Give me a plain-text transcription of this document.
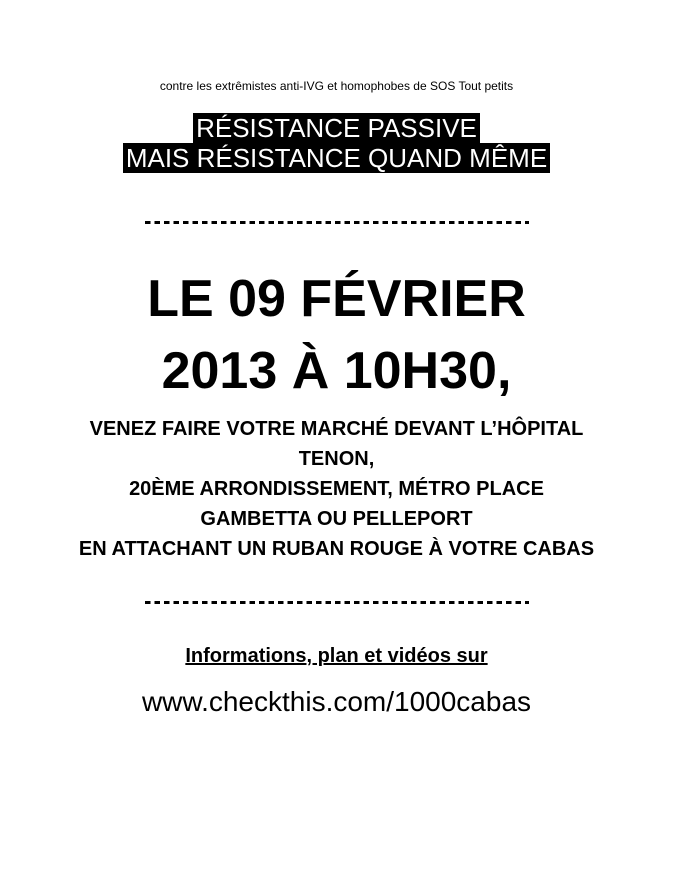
contre les extrêmistes anti-IVG et homophobes de SOS Tout petits
RÉSISTANCE PASSIVE
MAIS RÉSISTANCE QUAND MÊME
LE 09 FÉVRIER
2013 À 10H30,
VENEZ FAIRE VOTRE MARCHÉ DEVANT L’HÔPITAL
TENON,
20ÈME ARRONDISSEMENT, MÉTRO PLACE
GAMBETTA OU PELLEPORT
EN ATTACHANT UN RUBAN ROUGE À VOTRE CABAS
Informations, plan et vidéos sur
www.checkthis.com/1000cabas
